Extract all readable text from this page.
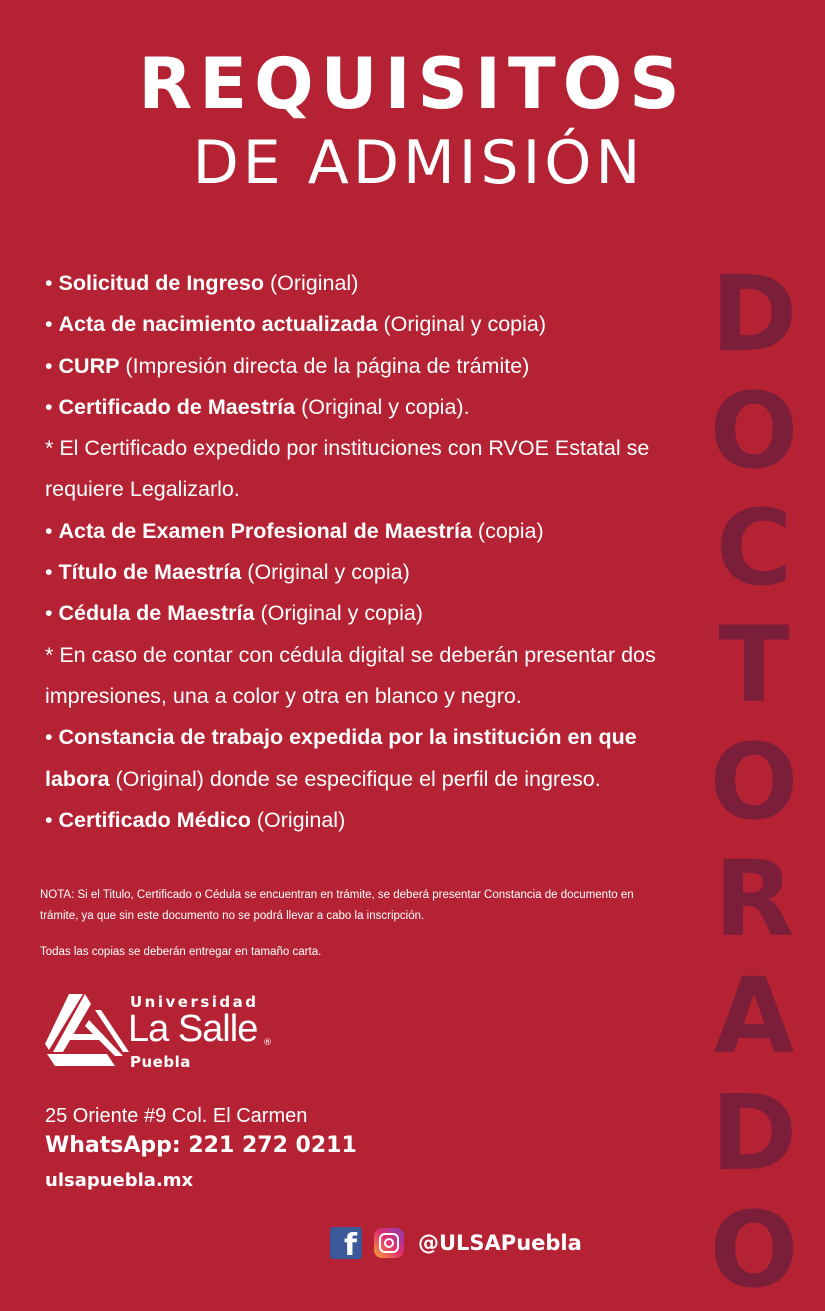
REQUISITOS
DE ADMISIÓN
• Solicitud de Ingreso (Original)
• Acta de nacimiento actualizada (Original y copia)
• CURP (Impresión directa de la página de trámite)
• Certificado de Maestría (Original y copia).
* El Certificado expedido por instituciones con RVOE Estatal se requiere Legalizarlo.
• Acta de Examen Profesional de Maestría (copia)
• Título de Maestría (Original y copia)
• Cédula de Maestría (Original y copia)
* En caso de contar con cédula digital se deberán presentar dos impresiones, una a color y otra en blanco y negro.
• Constancia de trabajo expedida por la institución en que labora (Original) donde se especifique el perfil de ingreso.
• Certificado Médico (Original)
D
O
C
T
O
R
A
D
O
NOTA: Si el Titulo, Certificado o Cédula se encuentran en trámite, se deberá presentar Constancia de documento en trámite, ya que sin este documento no se podrá llevar a cabo la inscripción.
Todas las copias se deberán entregar en tamaño carta.
Universidad
La Salle ®
Puebla
25 Oriente #9 Col. El Carmen
WhatsApp: 221 272 0211
ulsapuebla.mx
f	@ULSAPuebla
